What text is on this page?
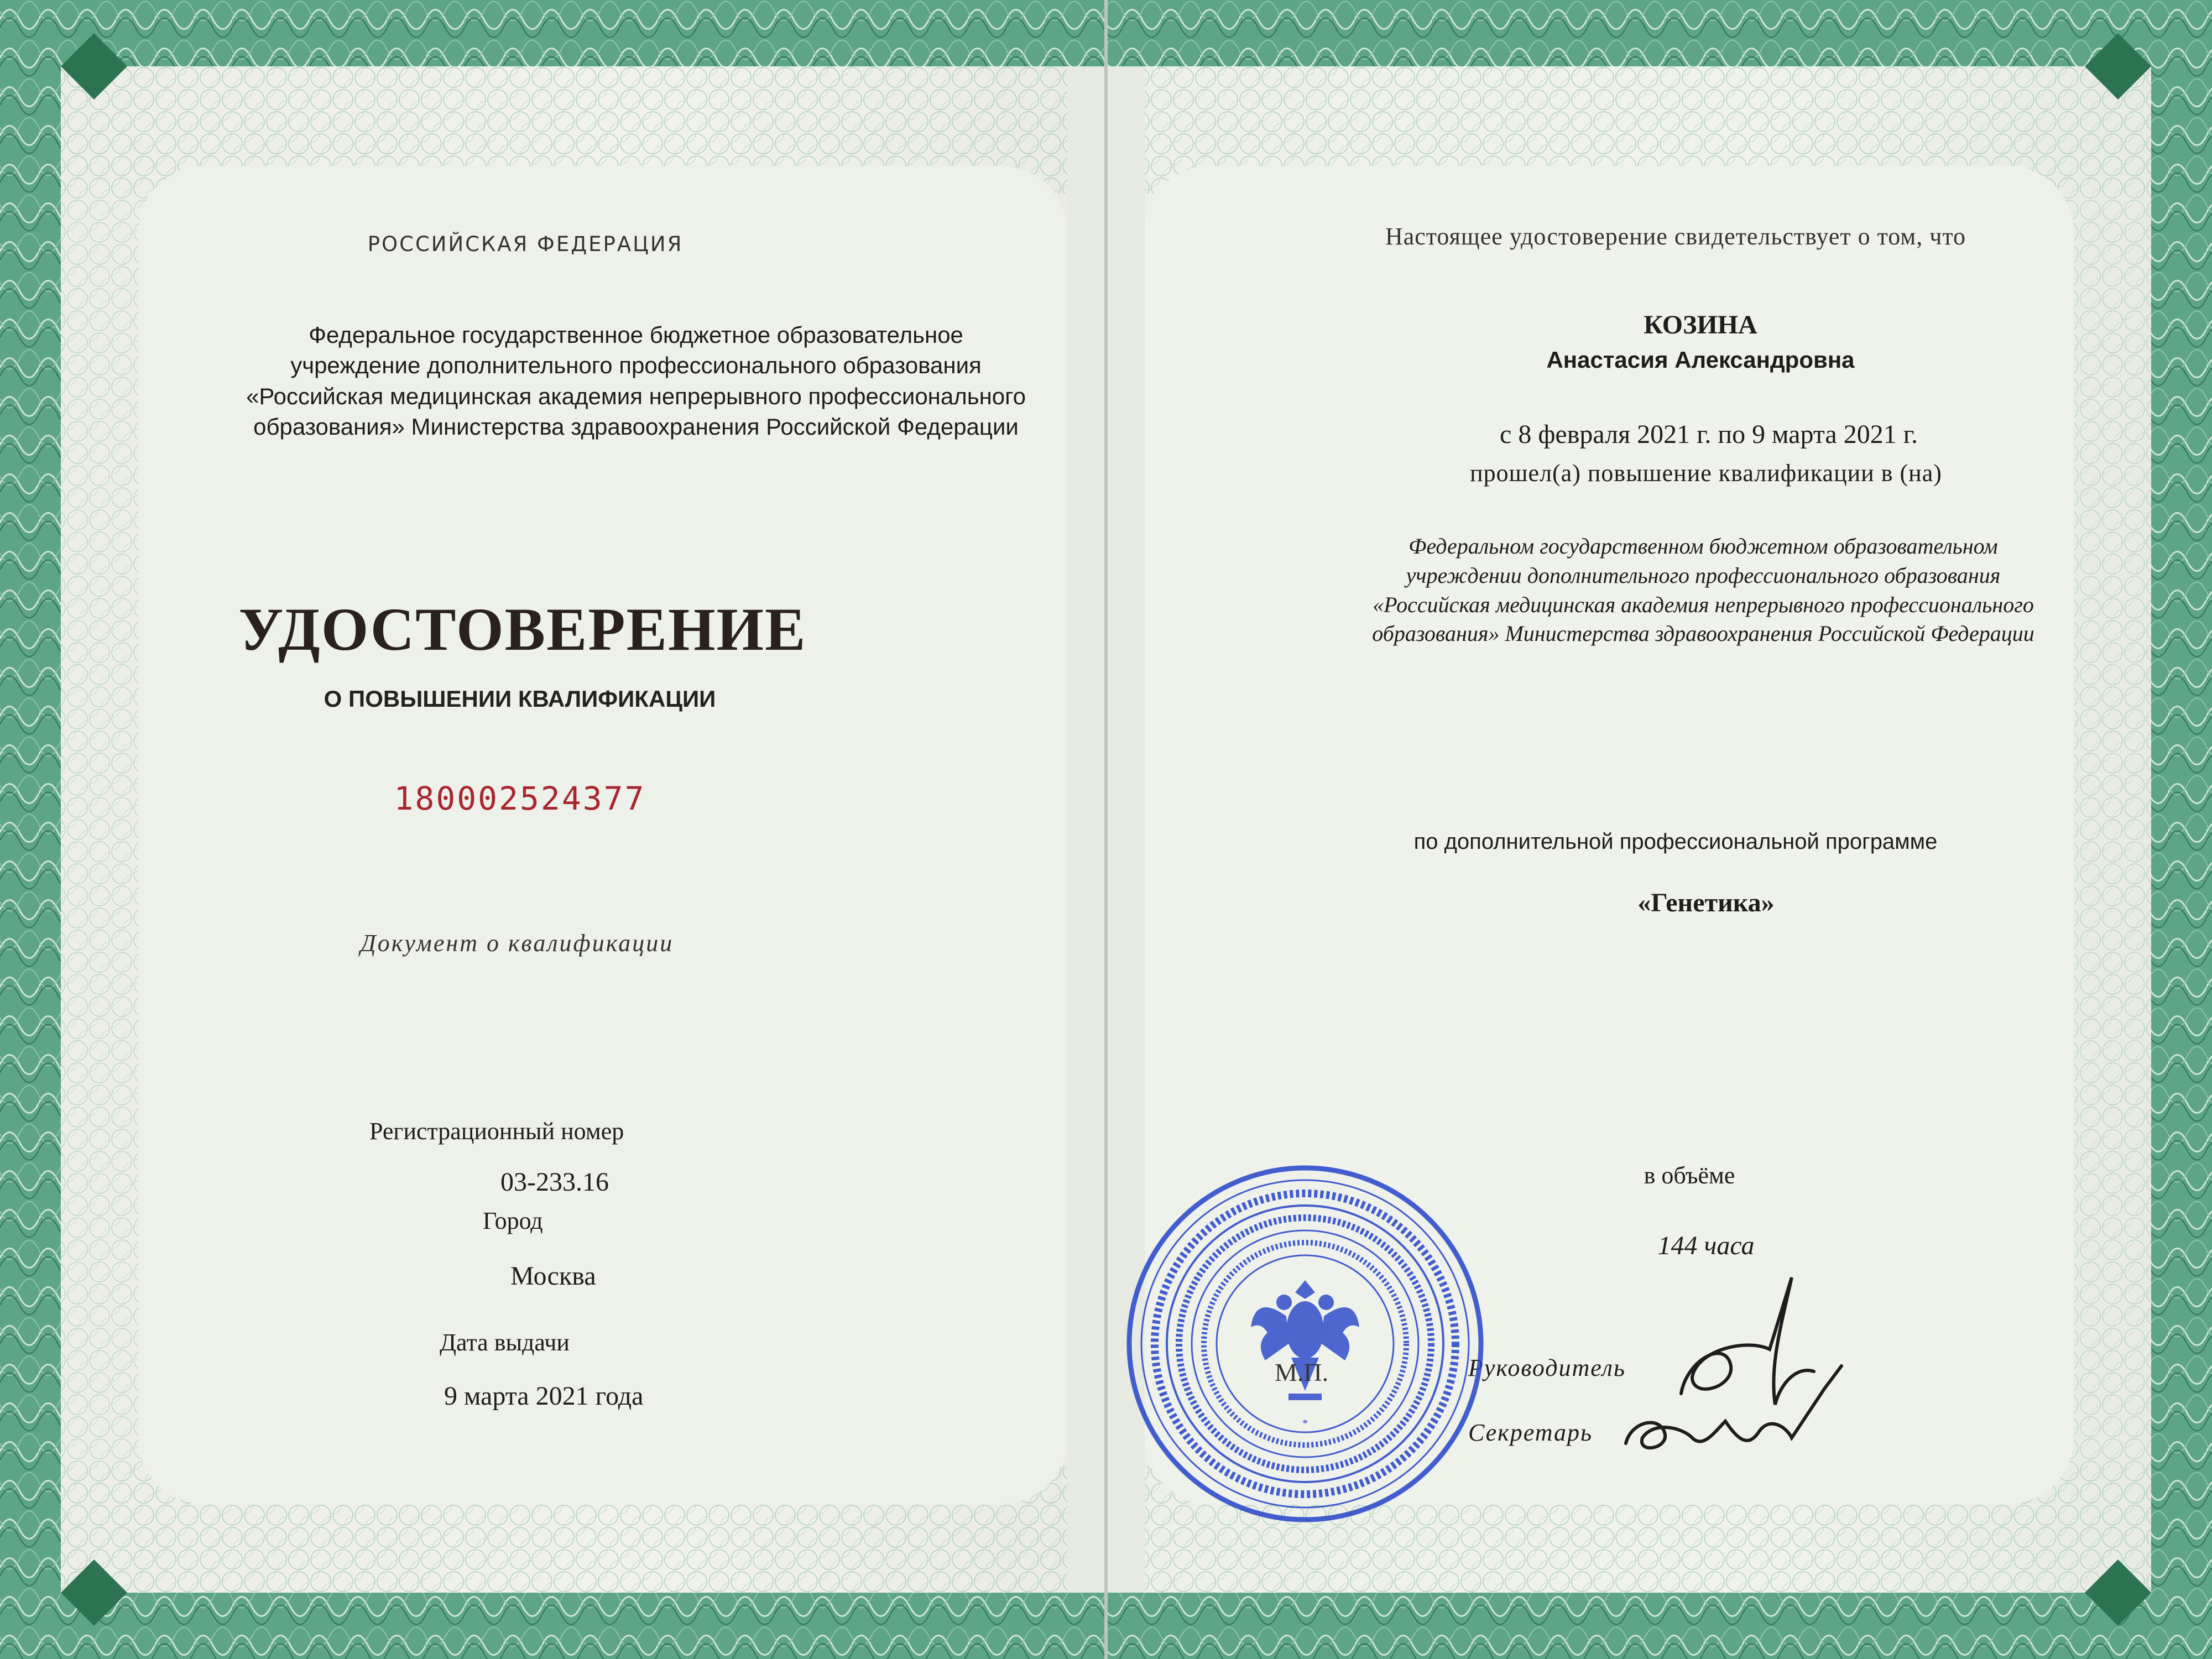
РОССИЙСКАЯ ФЕДЕРАЦИЯ

Федеральное государственное бюджетное образовательное
учреждение дополнительного профессионального образования
«Российская медицинская академия непрерывного профессионального
образования» Министерства здравоохранения Российской Федерации

УДОСТОВЕРЕНИЕ

О ПОВЫШЕНИИ КВАЛИФИКАЦИИ

180002524377

Документ о квалификации

Регистрационный номер

03-233.16

Город

Москва

Дата выдачи

9 марта 2021 года

Настоящее удостоверение свидетельствует о том, что

КОЗИНА

Анастасия Александровна

с 8 февраля 2021 г. по 9 марта 2021 г.

прошел(а) повышение квалификации в (на)

Федеральном государственном бюджетном образовательном
учреждении дополнительного профессионального образования
«Российская медицинская академия непрерывного профессионального
образования» Министерства здравоохранения Российской Федерации

по дополнительной профессиональной программе

«Генетика»

в объёме

144 часа

Руководитель

Секретарь

*

М.П.
